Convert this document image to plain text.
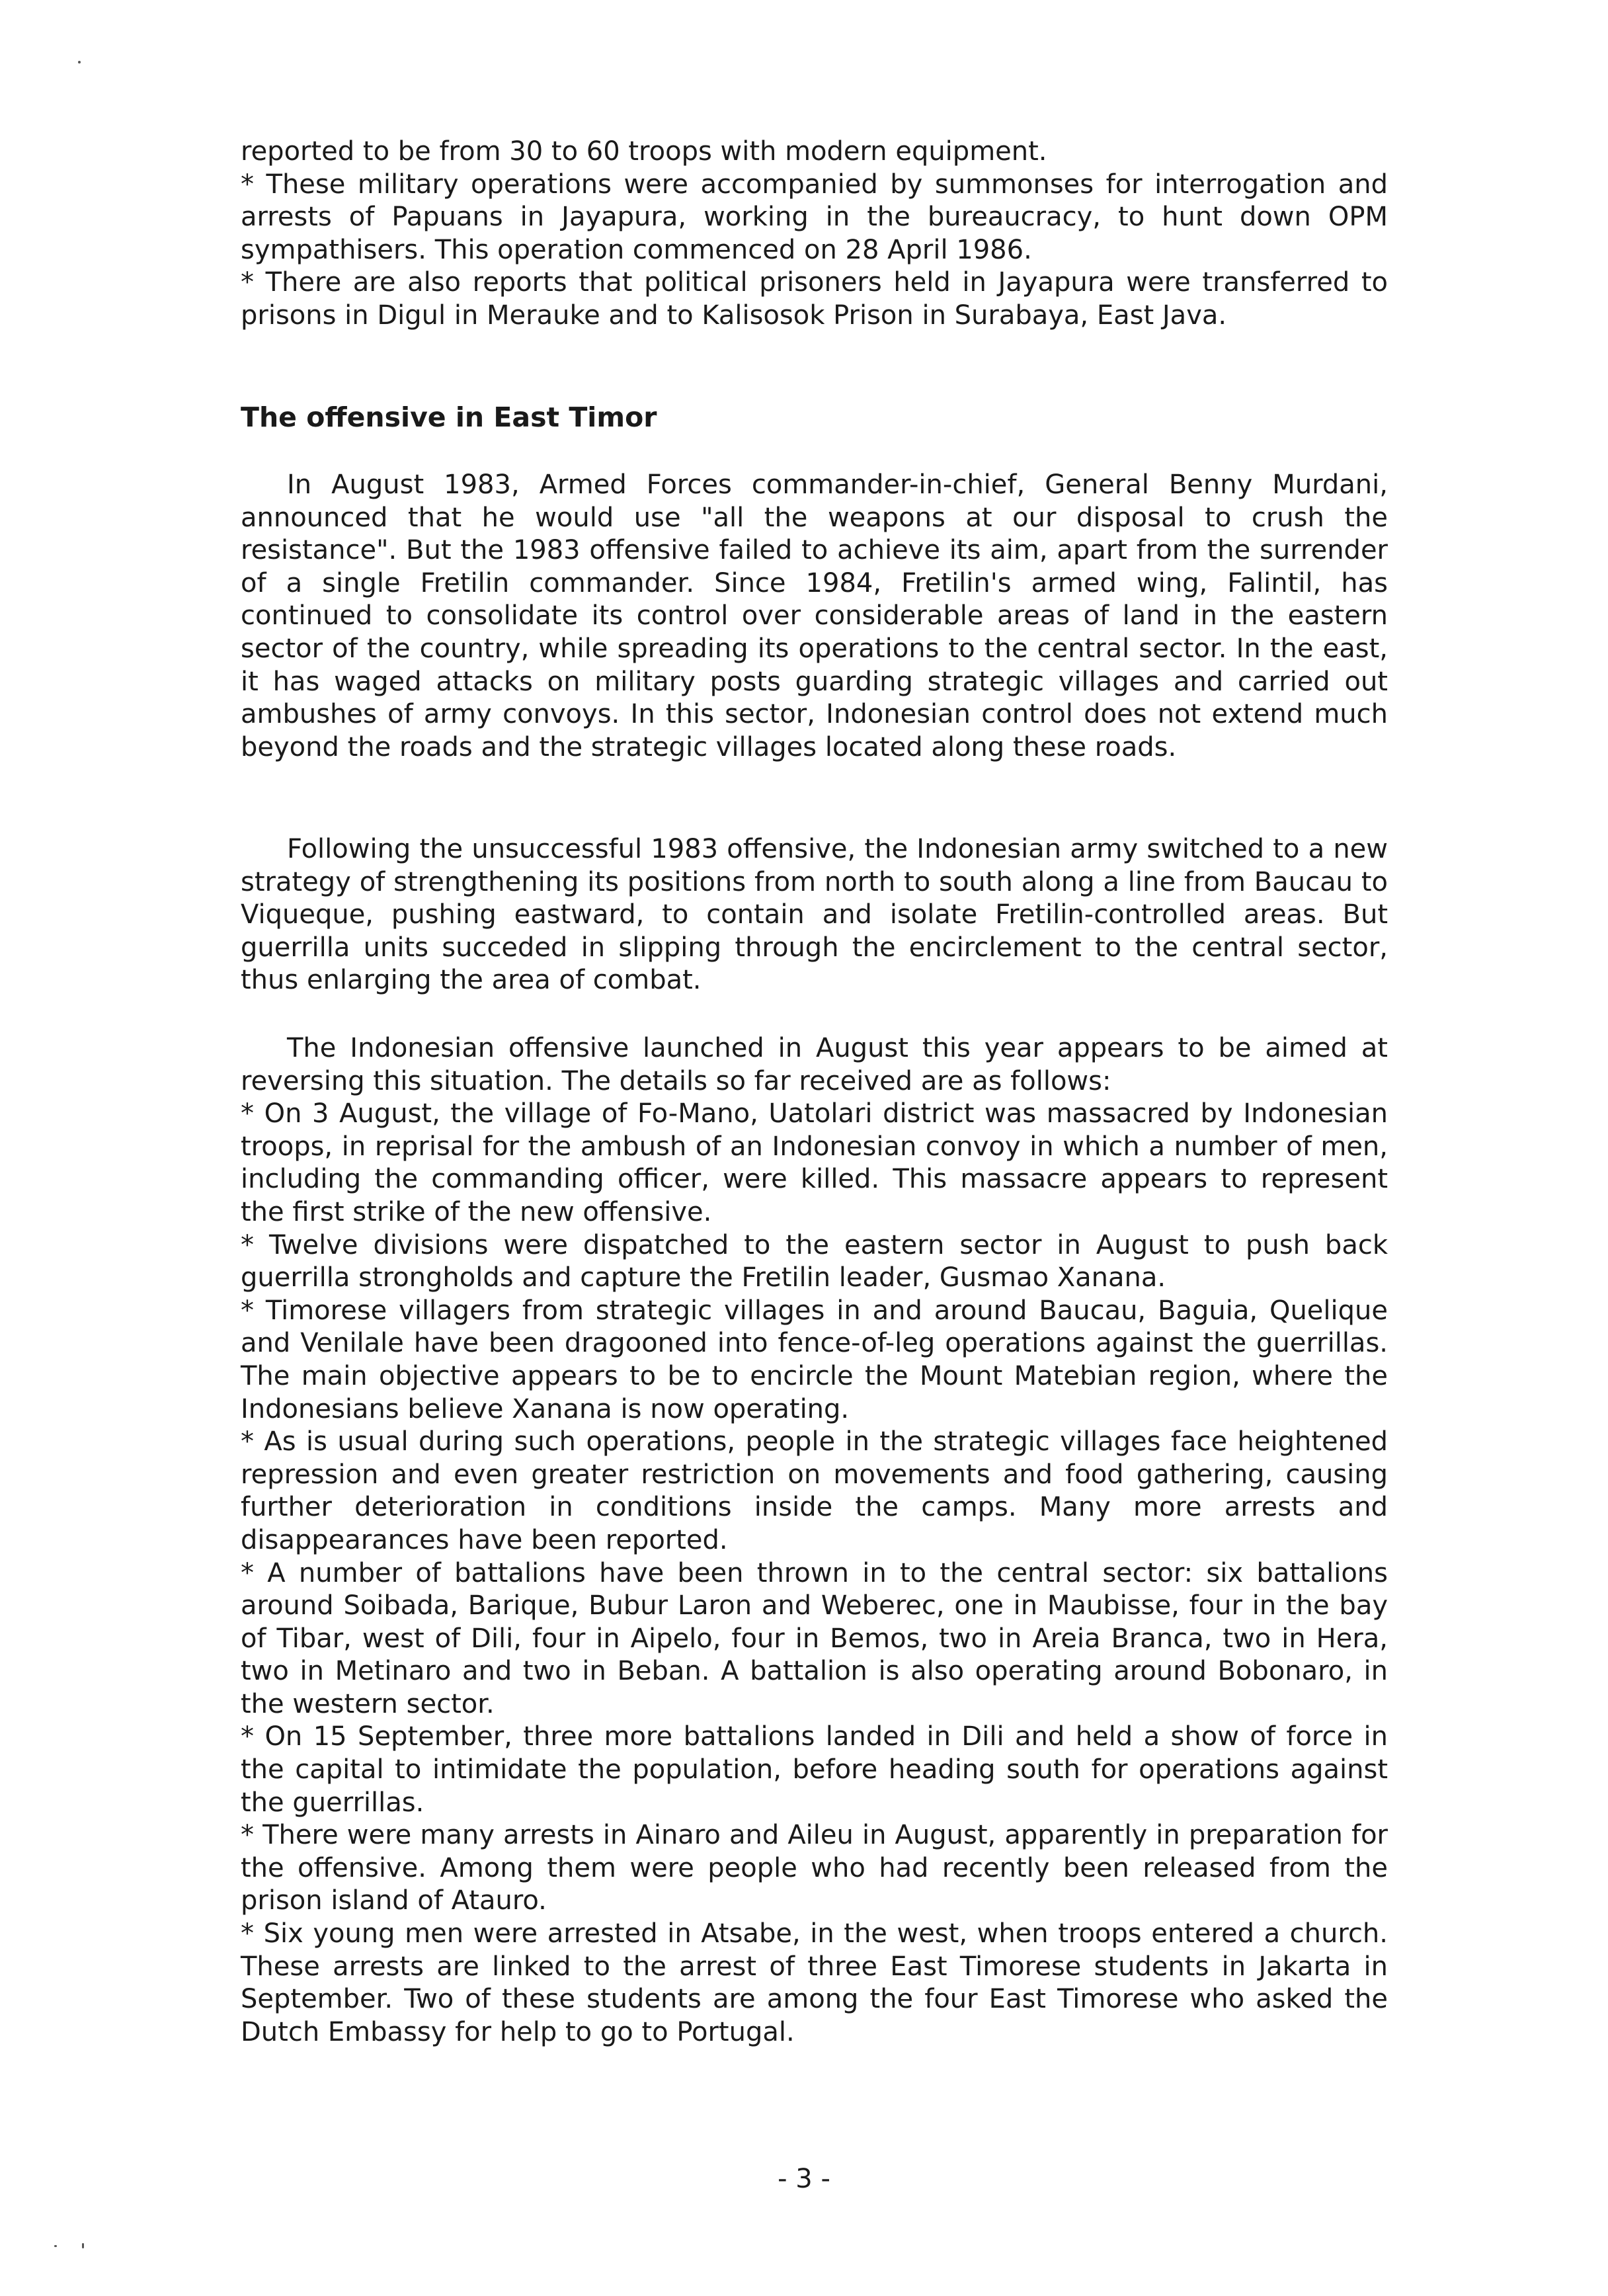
reported to be from 30 to 60 troops with modern equipment.

* These military operations were accompanied by summonses for interrogation and arrests of Papuans in Jayapura, working in the bureaucracy, to hunt down OPM sympathisers. This operation commenced on 28 April 1986.

* There are also reports that political prisoners held in Jayapura were transferred to prisons in Digul in Merauke and to Kalisosok Prison in Surabaya, East Java.

The offensive in East Timor

In August 1983, Armed Forces commander-in-chief, General Benny Murdani, announced that he would use "all the weapons at our disposal to crush the resistance". But the 1983 offensive failed to achieve its aim, apart from the surrender of a single Fretilin commander. Since 1984, Fretilin's armed wing, Falintil, has continued to consolidate its control over considerable areas of land in the eastern sector of the country, while spreading its operations to the central sector. In the east, it has waged attacks on military posts guarding strategic villages and carried out ambushes of army convoys. In this sector, Indonesian control does not extend much beyond the roads and the strategic villages located along these roads.

Following the unsuccessful 1983 offensive, the Indonesian army switched to a new strategy of strengthening its positions from north to south along a line from Baucau to Viqueque, pushing eastward, to contain and isolate Fretilin-controlled areas. But guerrilla units succeded in slipping through the encirclement to the central sector, thus enlarging the area of combat.

The Indonesian offensive launched in August this year appears to be aimed at reversing this situation. The details so far received are as follows:

* On 3 August, the village of Fo-Mano, Uatolari district was massacred by Indonesian troops, in reprisal for the ambush of an Indonesian convoy in which a number of men, including the commanding officer, were killed. This massacre appears to represent the first strike of the new offensive.

* Twelve divisions were dispatched to the eastern sector in August to push back guerrilla strongholds and capture the Fretilin leader, Gusmao Xanana.

* Timorese villagers from strategic villages in and around Baucau, Baguia, Quelique and Venilale have been dragooned into fence-of-leg operations against the guerrillas. The main objective appears to be to encircle the Mount Matebian region, where the Indonesians believe Xanana is now operating.

* As is usual during such operations, people in the strategic villages face heightened repression and even greater restriction on movements and food gathering, causing further deterioration in conditions inside the camps. Many more arrests and disappearances have been reported.

* A number of battalions have been thrown in to the central sector: six battalions around Soibada, Barique, Bubur Laron and Weberec, one in Maubisse, four in the bay of Tibar, west of Dili, four in Aipelo, four in Bemos, two in Areia Branca, two in Hera, two in Metinaro and two in Beban. A battalion is also operating around Bobonaro, in the western sector.

* On 15 September, three more battalions landed in Dili and held a show of force in the capital to intimidate the population, before heading south for operations against the guerrillas.

* There were many arrests in Ainaro and Aileu in August, apparently in preparation for the offensive. Among them were people who had recently been released from the prison island of Atauro.

* Six young men were arrested in Atsabe, in the west, when troops entered a church. These arrests are linked to the arrest of three East Timorese students in Jakarta in September. Two of these students are among the four East Timorese who asked the Dutch Embassy for help to go to Portugal.

- 3 -
